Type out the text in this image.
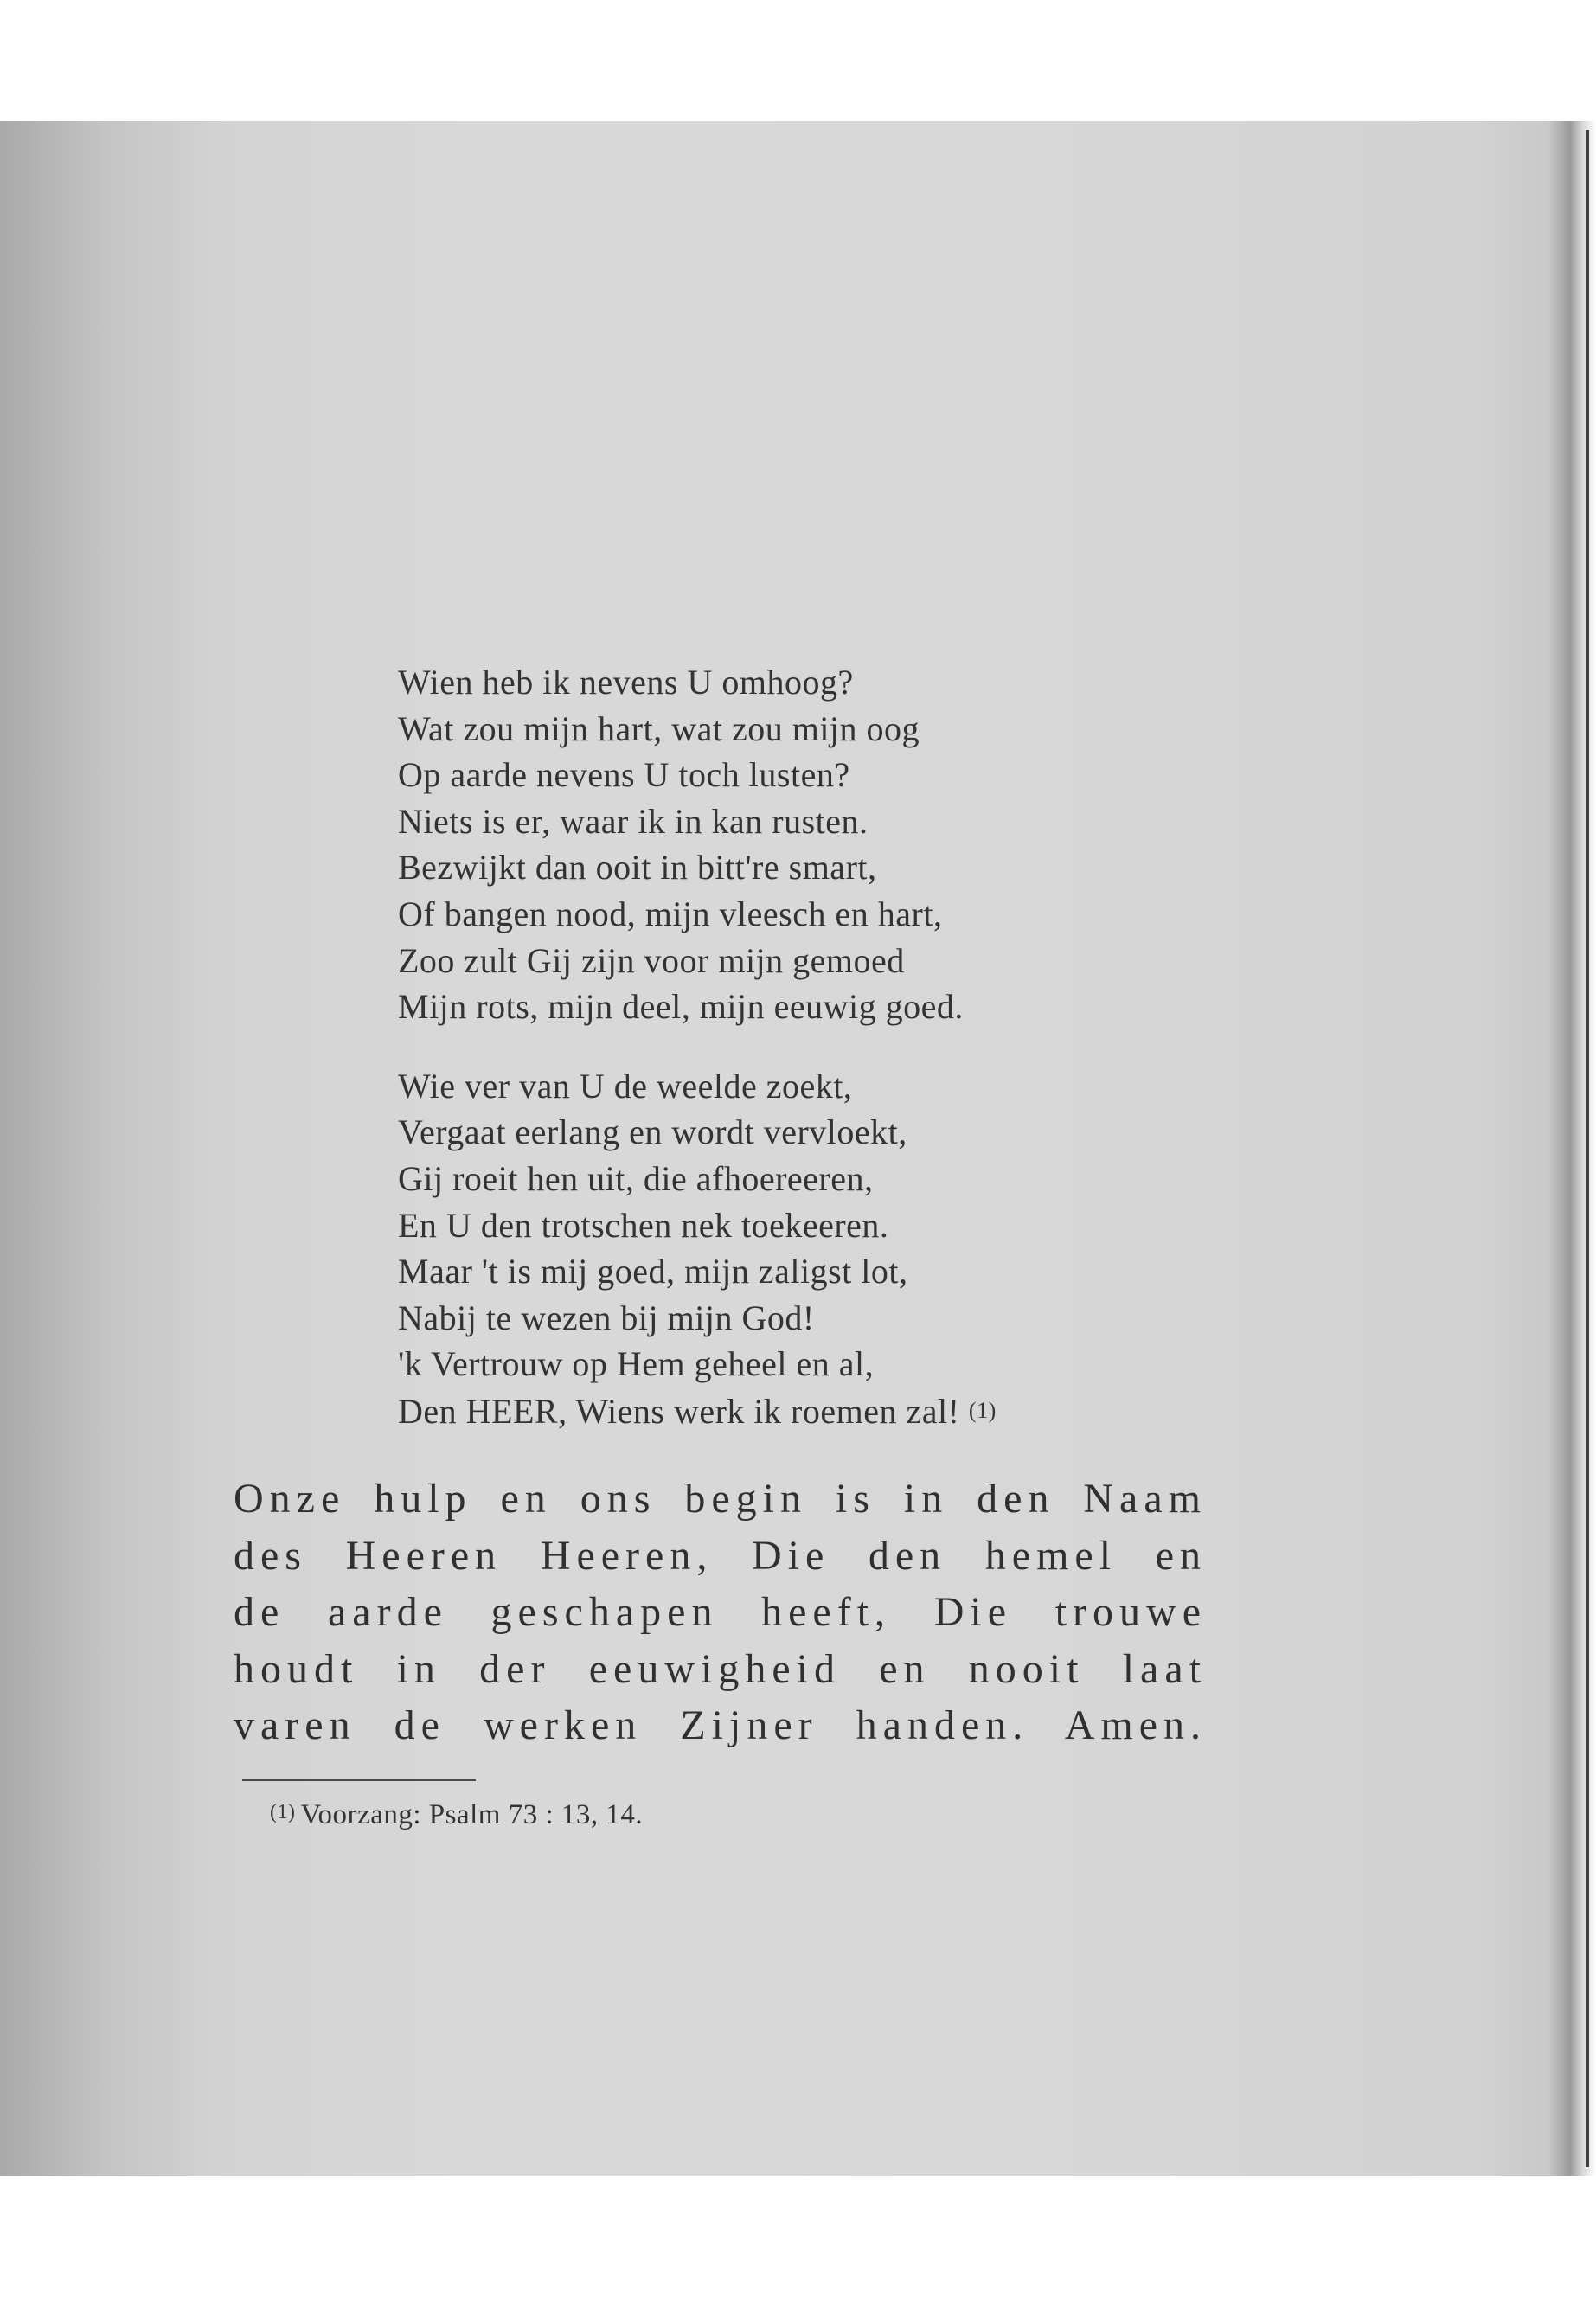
Wien heb ik nevens U omhoog?
Wat zou mijn hart, wat zou mijn oog
Op aarde nevens U toch lusten?
Niets is er, waar ik in kan rusten.
Bezwijkt dan ooit in bitt're smart,
Of bangen nood, mijn vleesch en hart,
Zoo zult Gij zijn voor mijn gemoed
Mijn rots, mijn deel, mijn eeuwig goed.
Wie ver van U de weelde zoekt,
Vergaat eerlang en wordt vervloekt,
Gij roeit hen uit, die afhoereeren,
En U den trotschen nek toekeeren.
Maar 't is mij goed, mijn zaligst lot,
Nabij te wezen bij mijn God!
'k Vertrouw op Hem geheel en al,
Den HEER, Wiens werk ik roemen zal! (1)
Onze hulp en ons begin is in den Naam
des Heeren Heeren, Die den hemel en
de aarde geschapen heeft, Die trouwe
houdt in der eeuwigheid en nooit laat
varen de werken Zijner handen. Amen.
(1) Voorzang: Psalm 73 : 13, 14.
